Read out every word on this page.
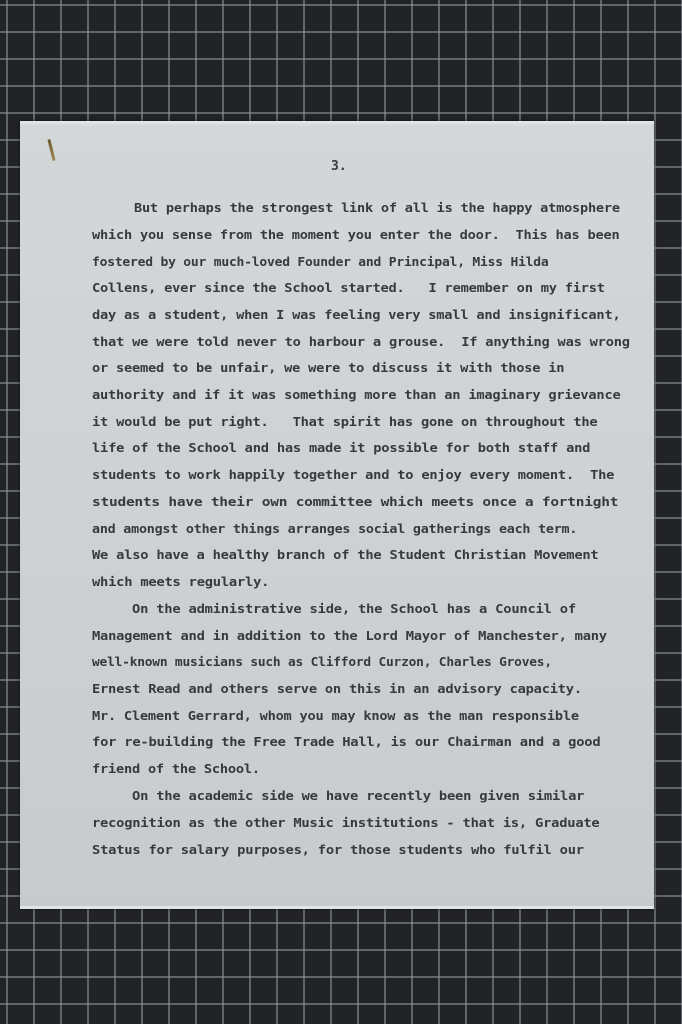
3.
But perhaps the strongest link of all is the happy atmosphere
which you sense from the moment you enter the door.  This has been
fostered by our much-loved Founder and Principal, Miss Hilda
Collens, ever since the School started.   I remember on my first
day as a student, when I was feeling very small and insignificant,
that we were told never to harbour a grouse.  If anything was wrong
or seemed to be unfair, we were to discuss it with those in
authority and if it was something more than an imaginary grievance
it would be put right.   That spirit has gone on throughout the
life of the School and has made it possible for both staff and
students to work happily together and to enjoy every moment.  The
students have their own committee which meets once a fortnight
and amongst other things arranges social gatherings each term.
We also have a healthy branch of the Student Christian Movement
which meets regularly.
On the administrative side, the School has a Council of
Management and in addition to the Lord Mayor of Manchester, many
well-known musicians such as Clifford Curzon, Charles Groves,
Ernest Read and others serve on this in an advisory capacity.
Mr. Clement Gerrard, whom you may know as the man responsible
for re-building the Free Trade Hall, is our Chairman and a good
friend of the School.
On the academic side we have recently been given similar
recognition as the other Music institutions - that is, Graduate
Status for salary purposes, for those students who fulfil our
